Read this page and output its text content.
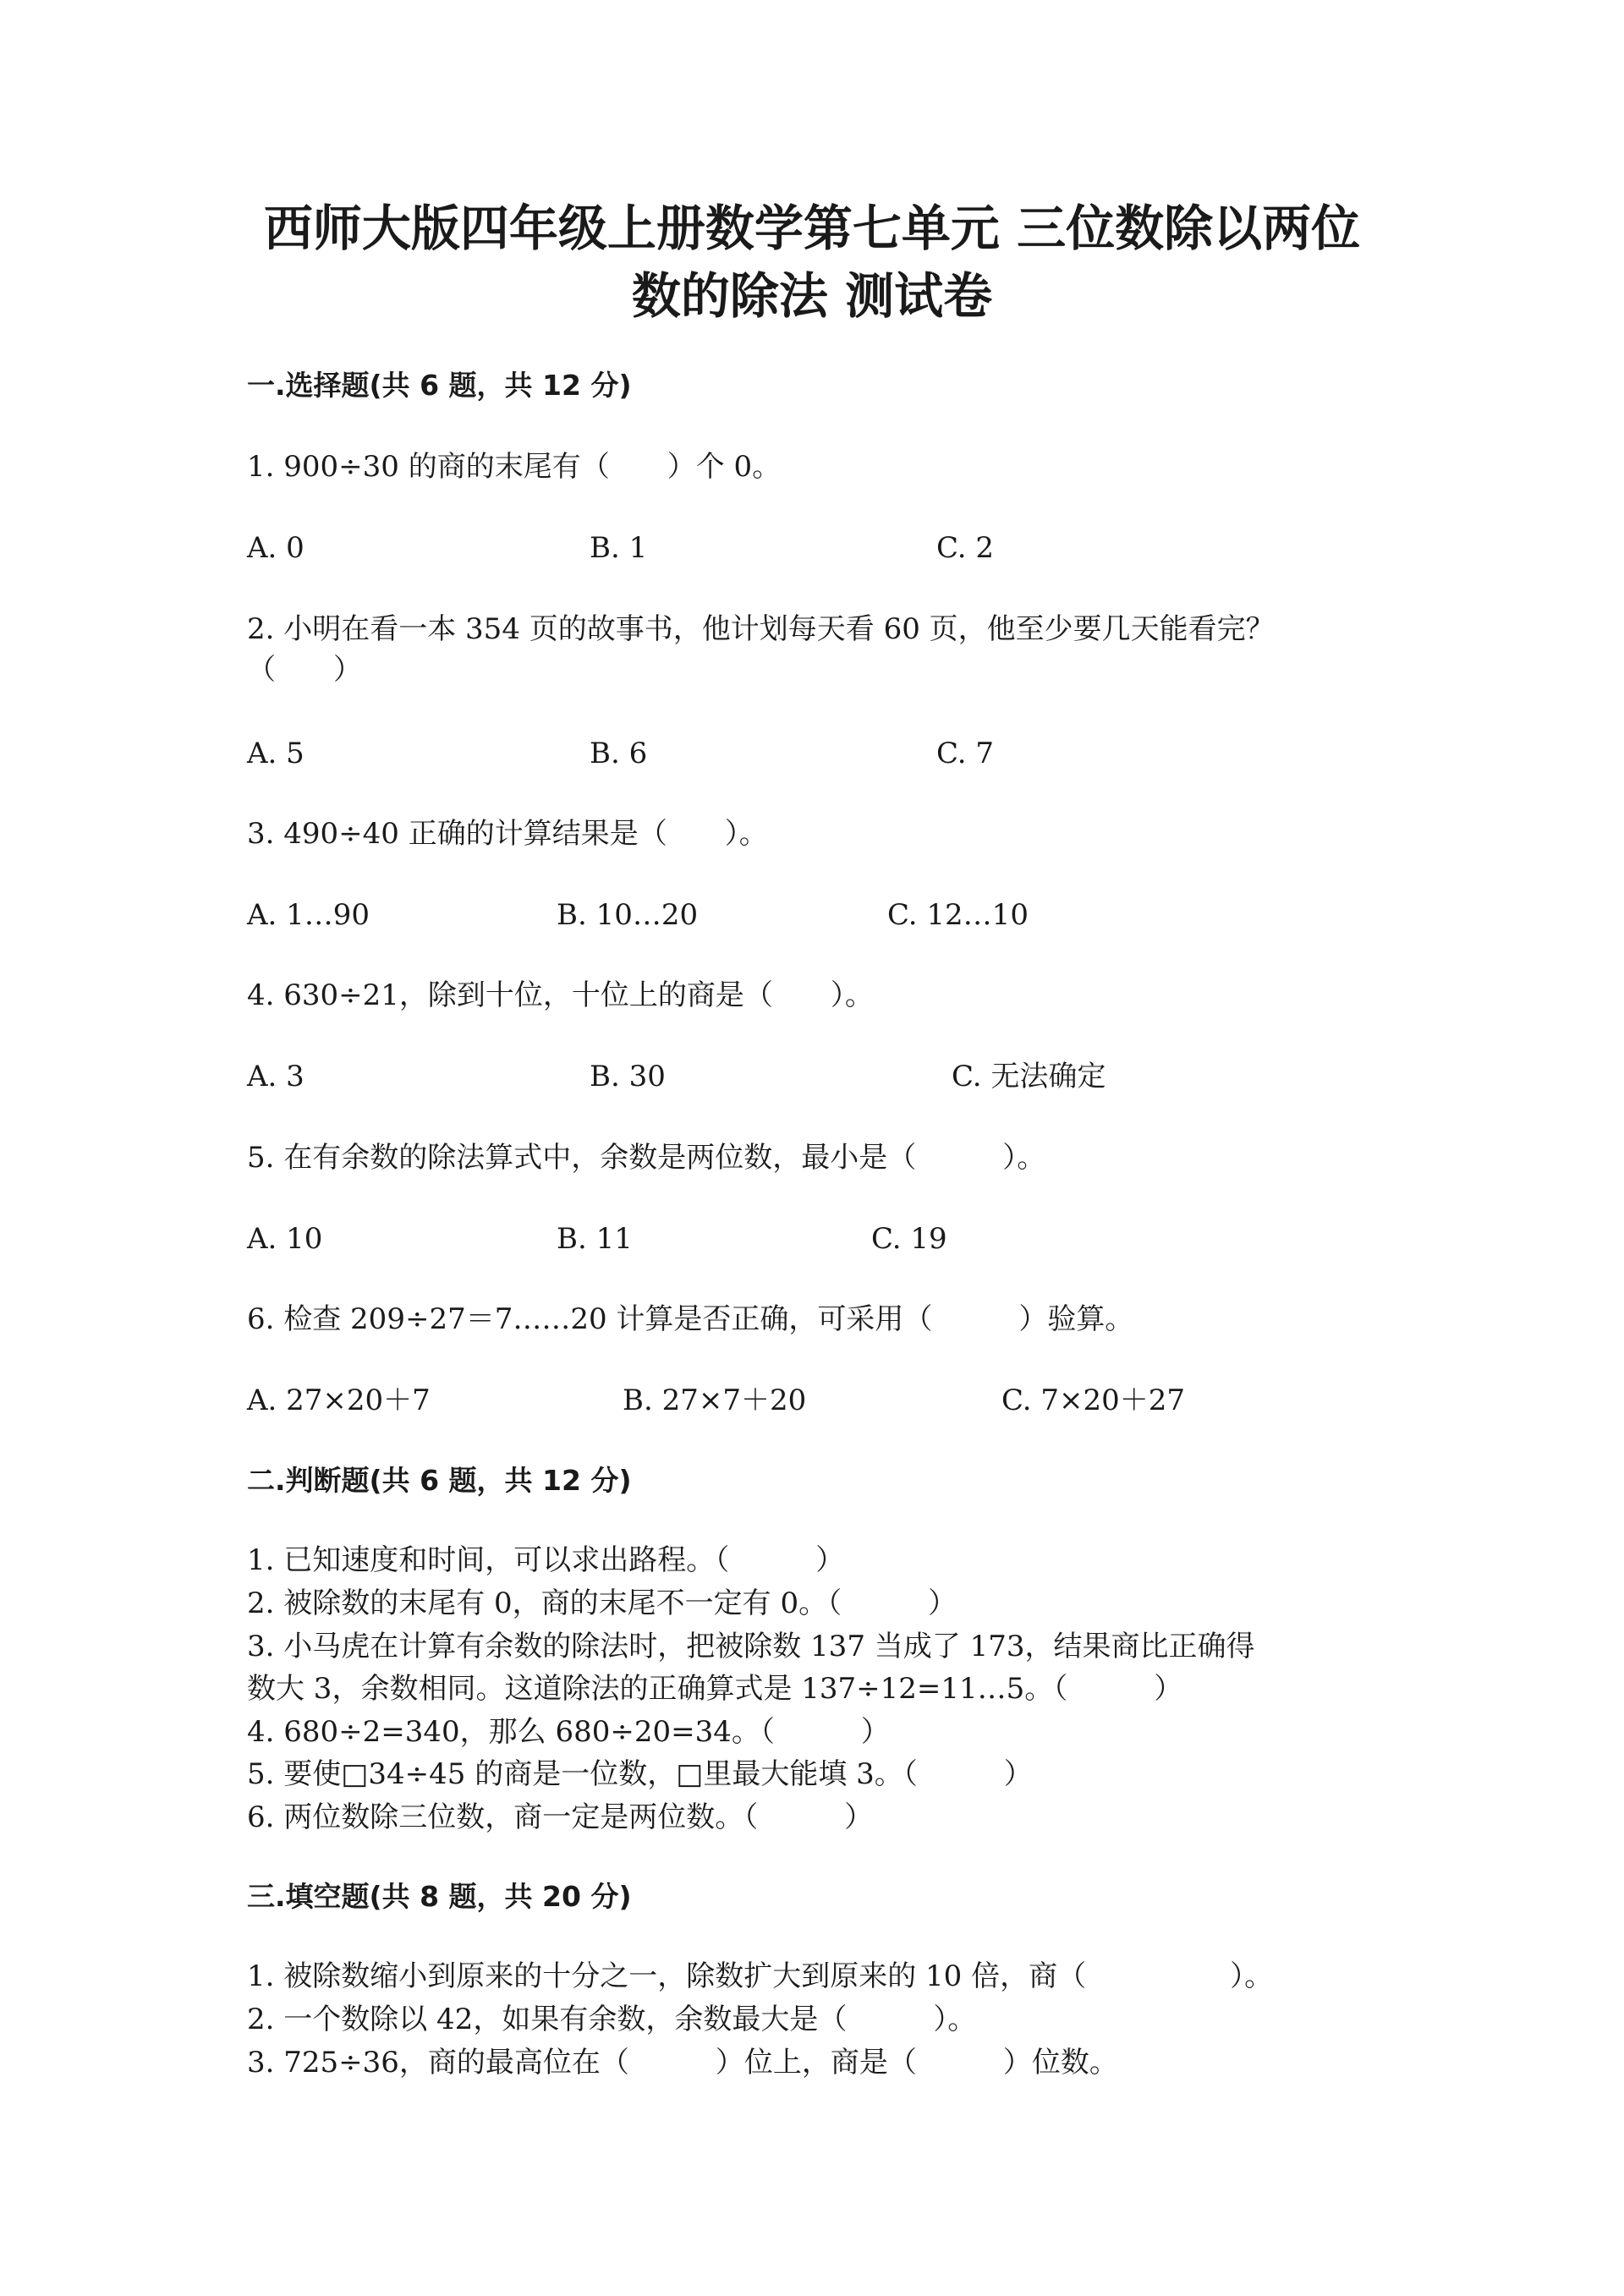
西师大版四年级上册数学第七单元 三位数除以两位
数的除法 测试卷
一.选择题(共 6 题，共 12 分)
1. 900÷30 的商的末尾有（　　）个 0。
A. 0	B. 1	C. 2
2. 小明在看一本 354 页的故事书，他计划每天看 60 页，他至少要几天能看完？
（　　）
A. 5	B. 6	C. 7
3. 490÷40 正确的计算结果是（　　）。
A. 1…90	B. 10…20	C. 12…10
4. 630÷21，除到十位，十位上的商是（　　）。
A. 3	B. 30	C. 无法确定
5. 在有余数的除法算式中，余数是两位数，最小是（　　　）。
A. 10	B. 11	C. 19
6. 检查 209÷27＝7……20 计算是否正确，可采用（　　　）验算。
A. 27×20＋7	B. 27×7＋20	C. 7×20＋27
二.判断题(共 6 题，共 12 分)
1. 已知速度和时间，可以求出路程。（　　　）
2. 被除数的末尾有 0，商的末尾不一定有 0。（　　　）
3. 小马虎在计算有余数的除法时，把被除数 137 当成了 173，结果商比正确得
数大 3，余数相同。这道除法的正确算式是 137÷12=11…5。（　　　）
4. 680÷2=340，那么 680÷20=34。（　　　）
5. 要使□34÷45 的商是一位数，□里最大能填 3。（　　　）
6. 两位数除三位数，商一定是两位数。（　　　）
三.填空题(共 8 题，共 20 分)
1. 被除数缩小到原来的十分之一，除数扩大到原来的 10 倍，商（　　　　　）。
2. 一个数除以 42，如果有余数，余数最大是（　　　）。
3. 725÷36，商的最高位在（　　　）位上，商是（　　　）位数。
